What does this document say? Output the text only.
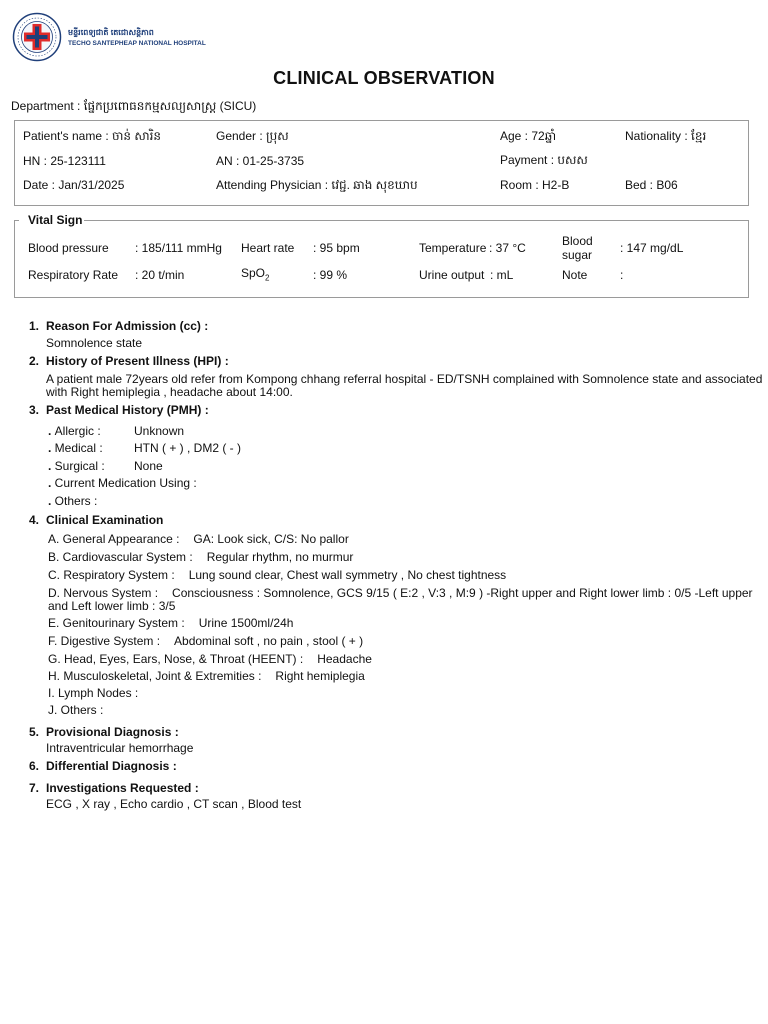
មន្ទីរពេទ្យជាតិ តេជោសន្តិភាព
TECHO SANTEPHEAP NATIONAL HOSPITAL
CLINICAL OBSERVATION
Department : ផ្នែកប្រពោធនកម្មសល្យសាស្ត្រ (SICU)
Patient's name : ចាន់ សារិន	Gender : ប្រុស	Age : 72ឆ្នាំ	Nationality : ខ្មែរ
HN : 25-123111	AN : 01-25-3735	Payment : បសស
Date : Jan/31/2025	Attending Physician : វេជ្ជ. ឆាង សុខឃាប	Room : H2-B	Bed : B06
Blood pressure : 185/111 mmHg Heart rate : 95 bpm	Temperature : 37 °C	Blood
sugar : 147 mg/dL
Respiratory Rate : 20 t/min	SpO$_2$	: 99 %	Urine output : mL	Note	:
Vital Sign
1. Reason For Admission (cc) :
Somnolence state
2. History of Present Illness (HPI) :
A patient male 72years old refer from Kompong chhang referral hospital - ED/TSNH complained with Somnolence state and associated
with Right hemiplegia , headache about 14:00.
3. Past Medical History (PMH) :
. Allergic :	Unknown
. Medical :	HTN ( + ) , DM2 ( - )
. Surgical : None
. Current Medication Using :
. Others :
4. Clinical Examination
A. General Appearance : GA: Look sick, C/S: No pallor
B. Cardiovascular System : Regular rhythm, no murmur
C. Respiratory System : Lung sound clear, Chest wall symmetry , No chest tightness
D. Nervous System : Consciousness : Somnolence, GCS 9/15 ( E:2 , V:3 , M:9 ) -Right upper and Right lower limb : 0/5 -Left upper
and Left lower limb : 3/5
E. Genitourinary System : Urine 1500ml/24h
F. Digestive System : Abdominal soft , no pain , stool ( + )
G. Head, Eyes, Ears, Nose, & Throat (HEENT) : Headache
H. Musculoskeletal, Joint & Extremities : Right hemiplegia
I. Lymph Nodes :
J. Others :
5. Provisional Diagnosis :
Intraventricular hemorrhage
6. Differential Diagnosis :
7. Investigations Requested :
ECG , X ray , Echo cardio , CT scan , Blood test
